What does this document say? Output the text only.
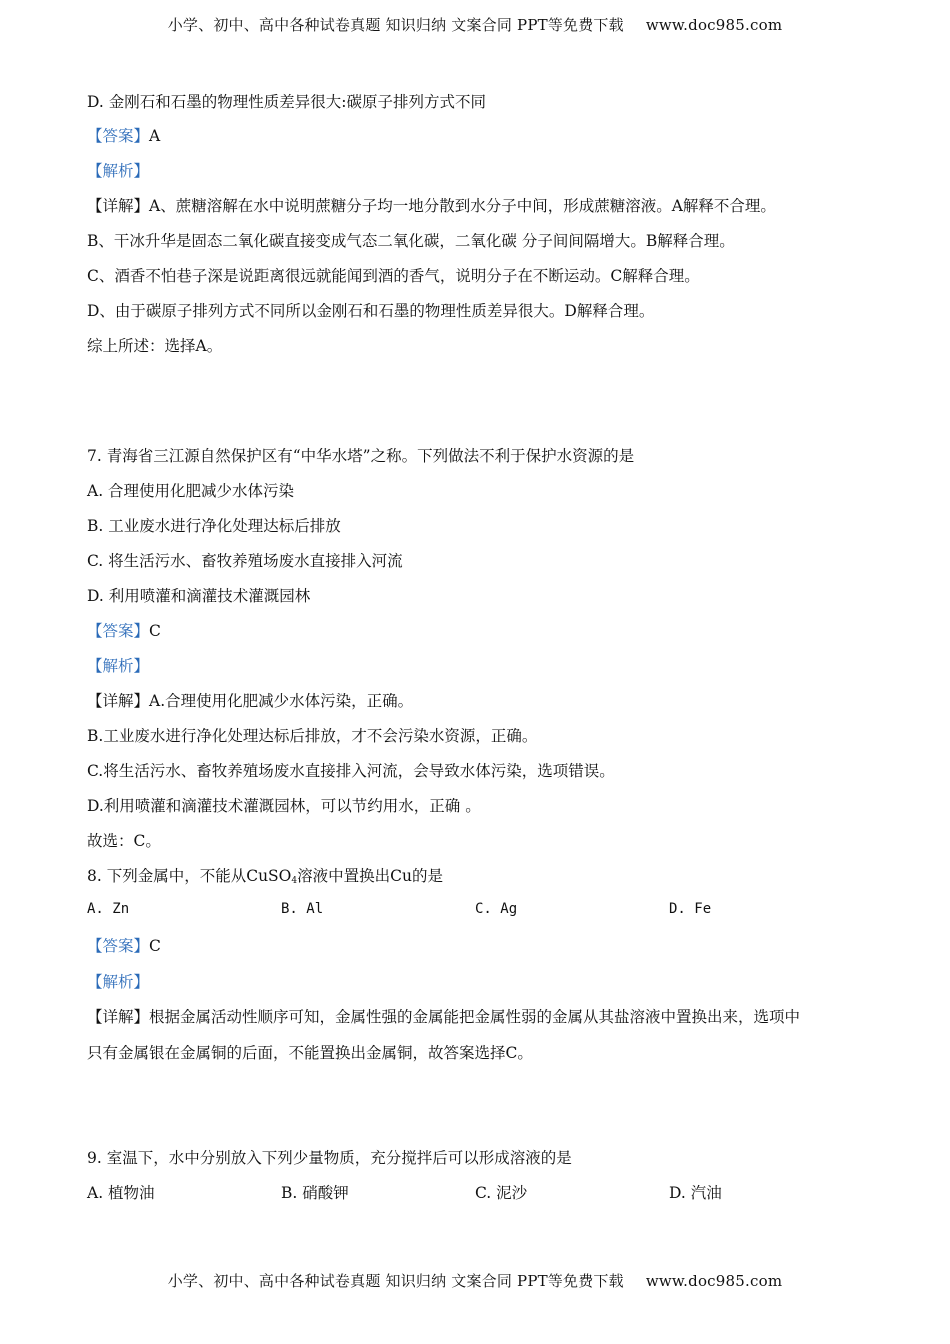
小学、初中、高中各种试卷真题 知识归纳 文案合同 PPT等免费下载 www.doc985.com
D. 金刚石和石墨的物理性质差异很大:碳原子排列方式不同
【答案】A
【解析】
【详解】A、蔗糖溶解在水中说明蔗糖分子均一地分散到水分子中间，形成蔗糖溶液。A解释不合理。
B、干冰升华是固态二氧化碳直接变成气态二氧化碳，二氧化碳 分子间间隔增大。B解释合理。
C、酒香不怕巷子深是说距离很远就能闻到酒的香气，说明分子在不断运动。C解释合理。
D、由于碳原子排列方式不同所以金刚石和石墨的物理性质差异很大。D解释合理。
综上所述：选择A。
7. 青海省三江源自然保护区有“中华水塔”之称。下列做法不利于保护水资源的是
A. 合理使用化肥减少水体污染
B. 工业废水进行净化处理达标后排放
C. 将生活污水、畜牧养殖场废水直接排入河流
D. 利用喷灌和滴灌技术灌溉园林
【答案】C
【解析】
【详解】A.合理使用化肥减少水体污染，正确。
B.工业废水进行净化处理达标后排放，才不会污染水资源，正确。
C.将生活污水、畜牧养殖场废水直接排入河流，会导致水体污染，选项错误。
D.利用喷灌和滴灌技术灌溉园林，可以节约用水，正确 。
故选：C。
8. 下列金属中，不能从CuSO$_4$溶液中置换出Cu的是
A. Zn	B. Al	C. Ag	D. Fe
【答案】C
【解析】
【详解】根据金属活动性顺序可知，金属性强的金属能把金属性弱的金属从其盐溶液中置换出来，选项中
只有金属银在金属铜的后面，不能置换出金属铜，故答案选择C。
9. 室温下，水中分别放入下列少量物质，充分搅拌后可以形成溶液的是
A. 植物油	B. 硝酸钾	C. 泥沙	D. 汽油
小学、初中、高中各种试卷真题 知识归纳 文案合同 PPT等免费下载 www.doc985.com
